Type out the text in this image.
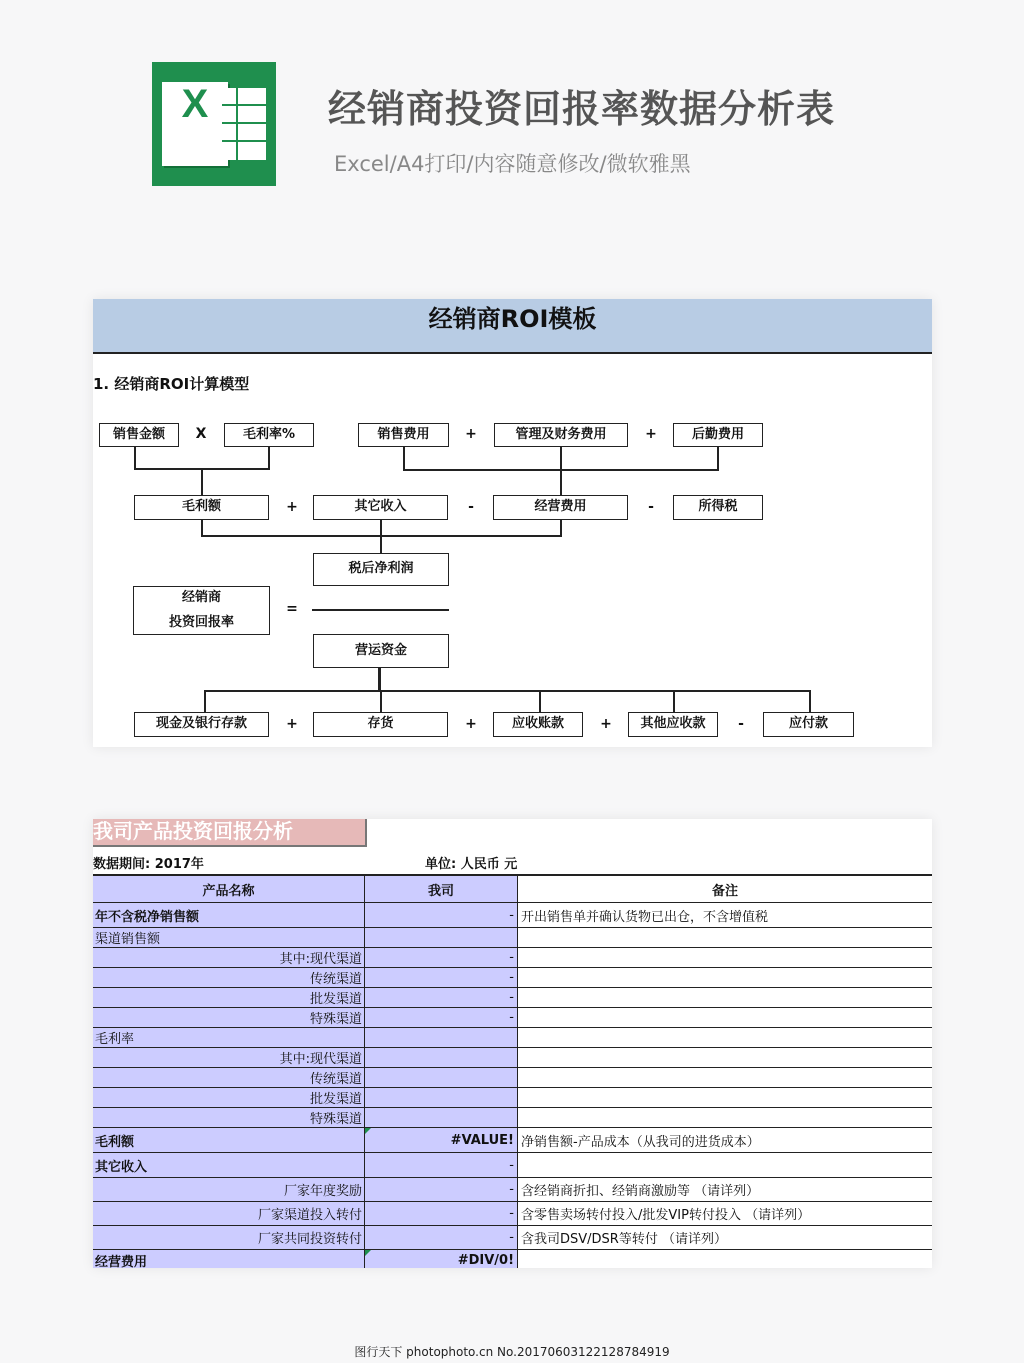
X	经销商投资回报率数据分析表
Excel/A4打印/内容随意修改/微软雅黑
经销商ROI模板
1. 经销商ROI计算模型
销售金额	X	毛利率%	销售费用	+	管理及财务费用	+	后勤费用
毛利额	+	其它收入	-	经营费用	-	所得税
税后净利润
经销商
投资回报率
=
营运资金
现金及银行存款	+	存货	+	应收账款	+	其他应收款	-	应付款
我司产品投资回报分析
数据期间: 2017年	单位: 人民币 元
产品名称	我司	备注
年不含税净销售额	- 开出销售单并确认货物已出仓，不含增值税
渠道销售额
其中:现代渠道	-
传统渠道	-
批发渠道	-
特殊渠道	-
毛利率
其中:现代渠道
传统渠道
批发渠道
特殊渠道
毛利额	#VALUE! 净销售额-产品成本（从我司的进货成本）
其它收入	-
厂家年度奖励	- 含经销商折扣、经销商激励等 （请详列）
厂家渠道投入转付	- 含零售卖场转付投入/批发VIP转付投入 （请详列）
厂家共同投资转付	- 含我司DSV/DSR等转付 （请详列）
经营费用	#DIV/0!
图行天下 photophoto.cn No.20170603122128784919
